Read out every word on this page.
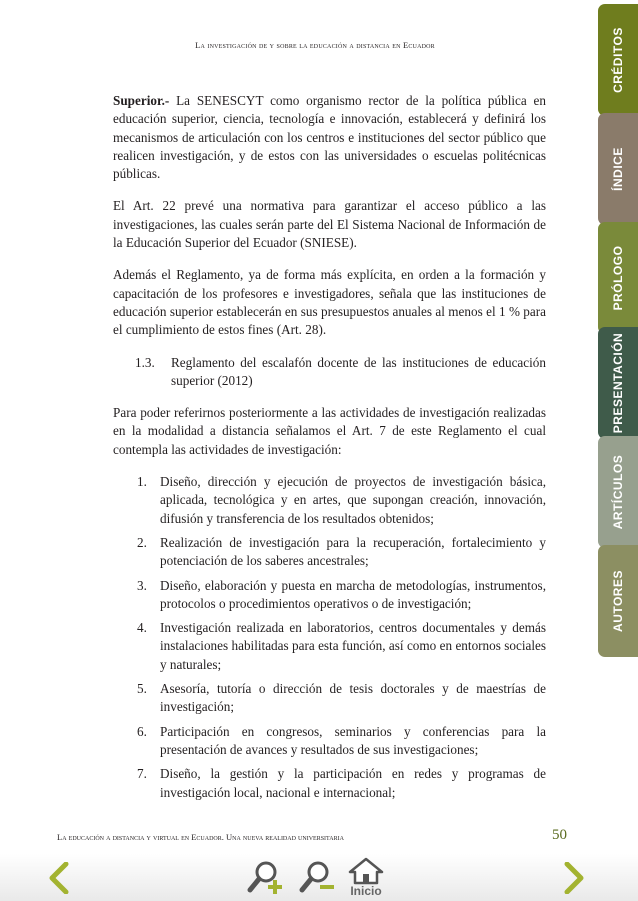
La investigación de y sobre la educación a distancia en Ecuador

Superior.- La SENESCYT como organismo rector de la política pública en educación superior, ciencia, tecnología e innovación, establecerá y definirá los mecanismos de articulación con los centros e instituciones del sector público que realicen investigación, y de estos con las universidades o escuelas politécnicas públicas.

El Art. 22 prevé una normativa para garantizar el acceso público a las investigaciones, las cuales serán parte del El Sistema Nacional de Información de la Educación Superior del Ecuador (SNIESE).

Además el Reglamento, ya de forma más explícita, en orden a la formación y capacitación de los profesores e investigadores, señala que las instituciones de educación superior establecerán en sus presupuestos anuales al menos el 1 % para el cumplimiento de estos fines (Art. 28).

1.3.	Reglamento del escalafón docente de las instituciones de educación superior (2012)

Para poder referirnos posteriormente a las actividades de investigación realizadas en la modalidad a distancia señalamos el Art. 7 de este Reglamento el cual contempla las actividades de investigación:

1. Diseño, dirección y ejecución de proyectos de investigación básica, aplicada, tecnológica y en artes, que supongan creación, innovación, difusión y transferencia de los resultados obtenidos;
2. Realización de investigación para la recuperación, fortalecimiento y potenciación de los saberes ancestrales;
3. Diseño, elaboración y puesta en marcha de metodologías, instrumentos, protocolos o procedimientos operativos o de investigación;
4. Investigación realizada en laboratorios, centros documentales y demás instalaciones habilitadas para esta función, así como en entornos sociales y naturales;
5. Asesoría, tutoría o dirección de tesis doctorales y de maestrías de investigación;
6. Participación en congresos, seminarios y conferencias para la presentación de avances y resultados de sus investigaciones;
7. Diseño, la gestión y la participación en redes y programas de investigación local, nacional e internacional;
La educación a distancia y virtual en Ecuador. Una nueva realidad universitaria	50
CRÉDITOS
ÍNDICE
PRÓLOGO
PRESENTACIÓN
ARTÍCULOS
AUTORES
Inicio
